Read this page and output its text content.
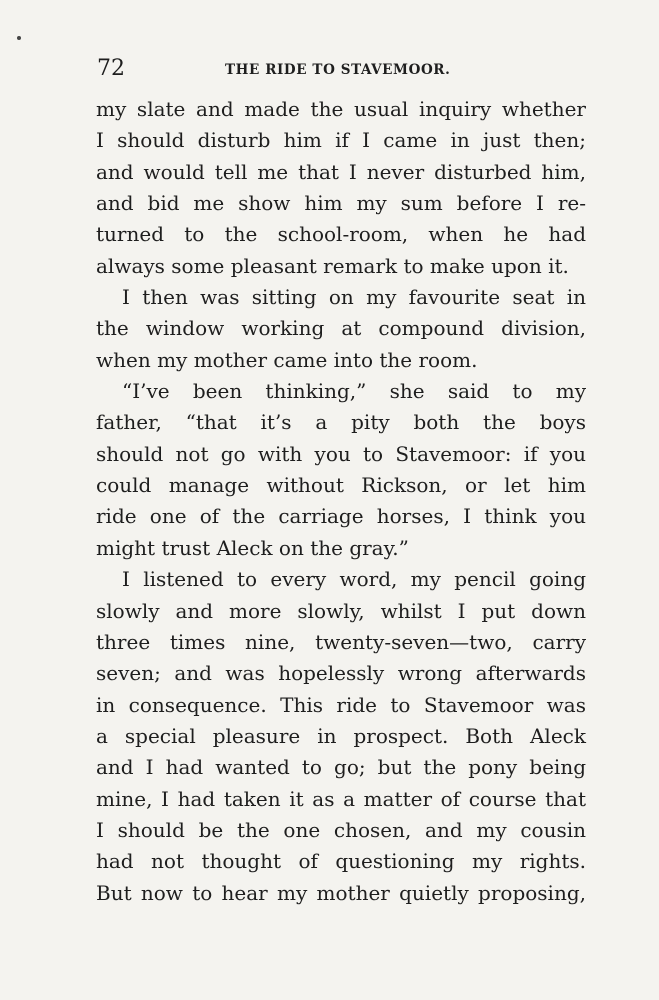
72	THE RIDE TO STAVEMOOR.
my slate and made the usual inquiry whether
I should disturb him if I came in just then;
and would tell me that I never disturbed him,
and bid me show him my sum before I re-
turned to the school-room, when he had
always some pleasant remark to make upon it.
I then was sitting on my favourite seat in
the window working at compound division,
when my mother came into the room.
“I’ve been thinking,” she said to my
father, “that it’s a pity both the boys
should not go with you to Stavemoor: if you
could manage without Rickson, or let him
ride one of the carriage horses, I think you
might trust Aleck on the gray.”
I listened to every word, my pencil going
slowly and more slowly, whilst I put down
three times nine, twenty-seven—two, carry
seven; and was hopelessly wrong afterwards
in consequence. This ride to Stavemoor was
a special pleasure in prospect. Both Aleck
and I had wanted to go; but the pony being
mine, I had taken it as a matter of course that
I should be the one chosen, and my cousin
had not thought of questioning my rights.
But now to hear my mother quietly proposing,
